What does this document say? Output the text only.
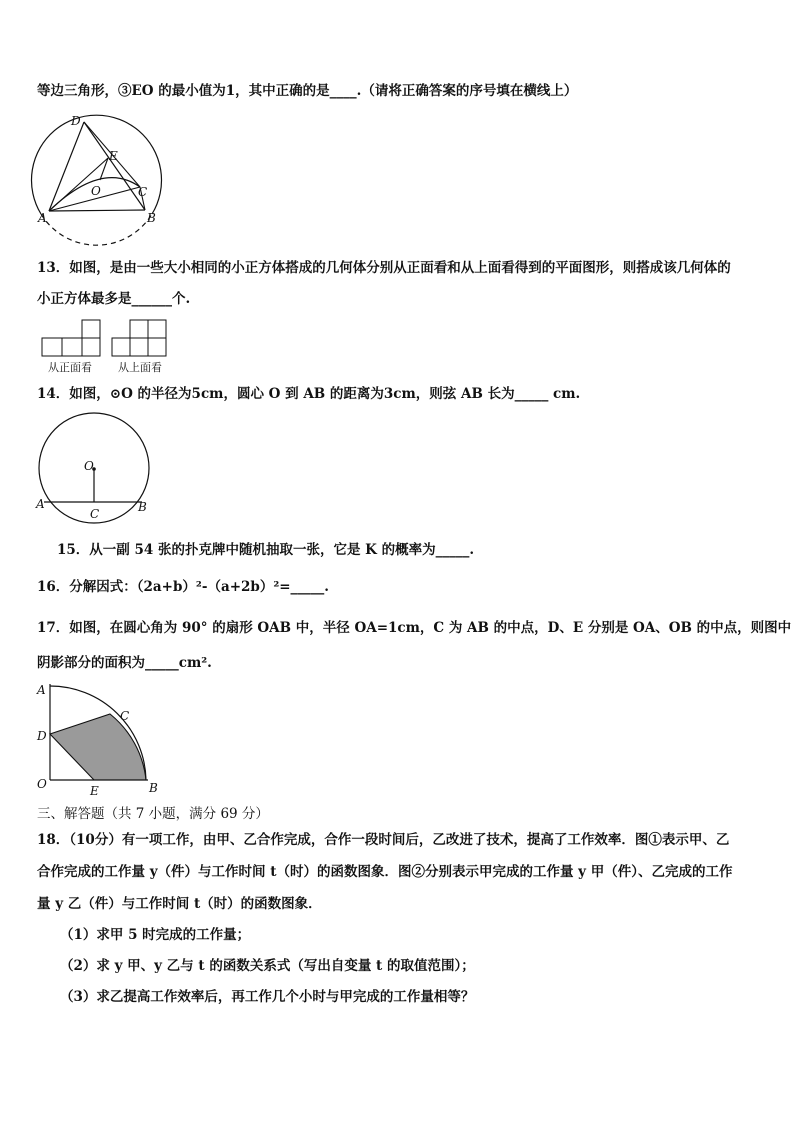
等边三角形，③EO 的最小值为1，其中正确的是____.（请将正确答案的序号填在横线上）
D
E
O	C
A	B
13．如图，是由一些大小相同的小正方体搭成的几何体分别从正面看和从上面看得到的平面图形，则搭成该几何体的
小正方体最多是______个.
从正面看 从上面看
14．如图，⊙O 的半径为5cm，圆心 O 到 AB 的距离为3cm，则弦 AB 长为_____ cm.
O
A	B
C
15．从一副 54 张的扑克牌中随机抽取一张，它是 K 的概率为_____.
16．分解因式：（2a+b）²-（a+2b）²=_____.
17．如图，在圆心角为 90° 的扇形 OAB 中，半径 OA=1cm，C 为 AB 的中点，D、E 分别是 OA、OB 的中点，则图中
阴影部分的面积为_____cm².
A
C
D
O	E	B
三、解答题（共 7 小题，满分 69 分）
18．（10分）有一项工作，由甲、乙合作完成，合作一段时间后，乙改进了技术，提高了工作效率．图①表示甲、乙
合作完成的工作量 y（件）与工作时间 t（时）的函数图象．图②分别表示甲完成的工作量 y 甲（件）、乙完成的工作
量 y 乙（件）与工作时间 t（时）的函数图象．
（1）求甲 5 时完成的工作量；
（2）求 y 甲、y 乙与 t 的函数关系式（写出自变量 t 的取值范围）；
（3）求乙提高工作效率后，再工作几个小时与甲完成的工作量相等？
